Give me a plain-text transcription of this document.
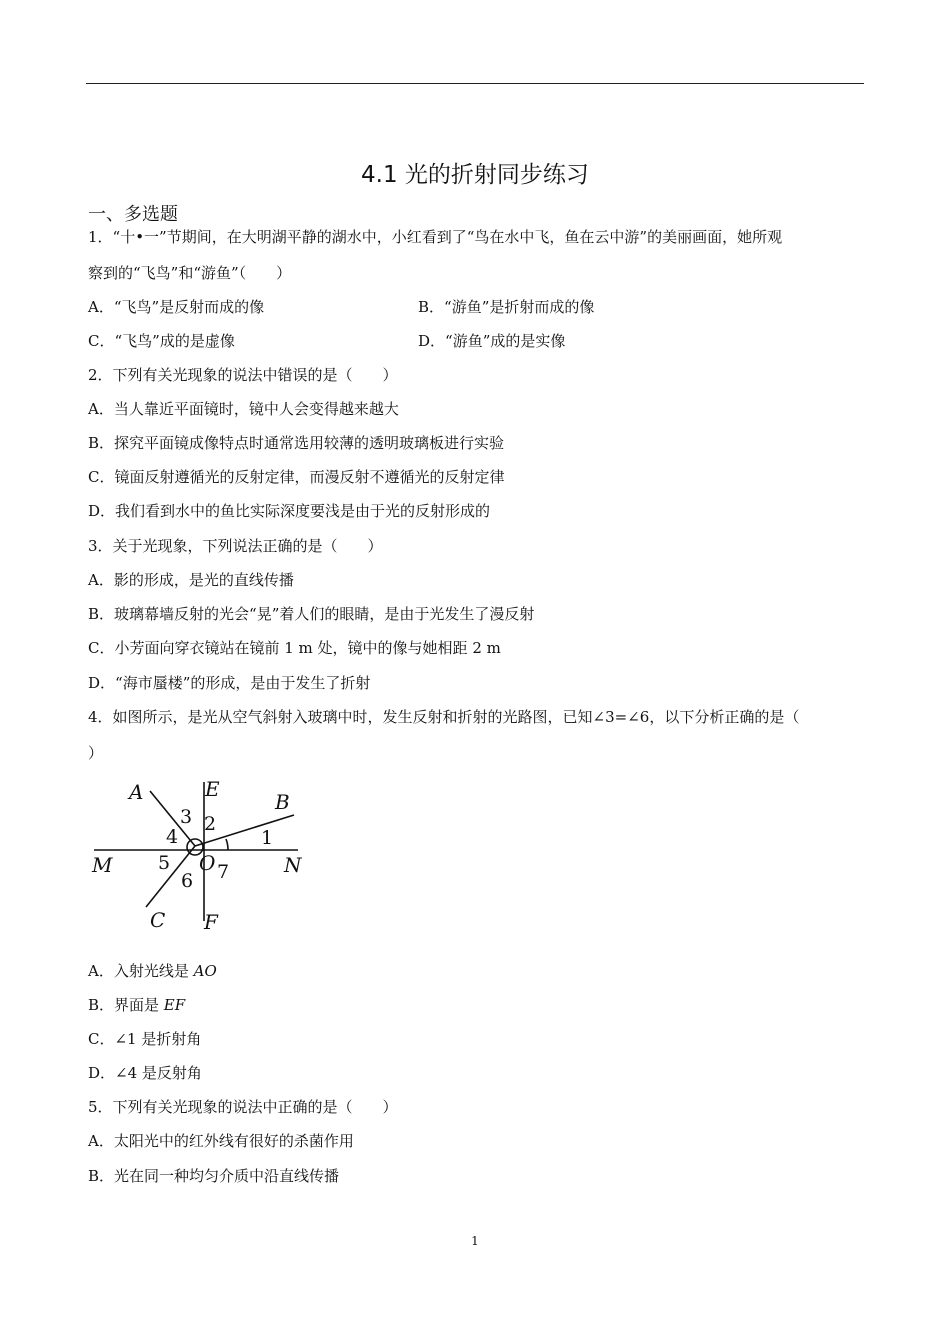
4.1 光的折射同步练习
一、多选题
1．“十•一”节期间，在大明湖平静的湖水中，小红看到了“鸟在水中飞，鱼在云中游”的美丽画面，她所观
察到的“飞鸟”和“游鱼”（　　）
A．“飞鸟”是反射而成的像	B．“游鱼”是折射而成的像
C．“飞鸟”成的是虚像	D．“游鱼”成的是实像
2．下列有关光现象的说法中错误的是（　　）
A．当人靠近平面镜时，镜中人会变得越来越大
B．探究平面镜成像特点时通常选用较薄的透明玻璃板进行实验
C．镜面反射遵循光的反射定律，而漫反射不遵循光的反射定律
D．我们看到水中的鱼比实际深度要浅是由于光的反射形成的
3．关于光现象，下列说法正确的是（　　）
A．影的形成，是光的直线传播
B．玻璃幕墙反射的光会“晃”着人们的眼睛，是由于光发生了漫反射
C．小芳面向穿衣镜站在镜前 1 m 处，镜中的像与她相距 2 m
D．“海市蜃楼”的形成，是由于发生了折射
4．如图所示，是光从空气斜射入玻璃中时，发生反射和折射的光路图，已知∠3=∠6，以下分析正确的是（
）
A	E
B
M	N
O
C F
3 2
4	1
5
6 7
A．入射光线是 AO
B．界面是 EF
C．∠1 是折射角
D．∠4 是反射角
5．下列有关光现象的说法中正确的是（　　）
A．太阳光中的红外线有很好的杀菌作用
B．光在同一种均匀介质中沿直线传播
1
